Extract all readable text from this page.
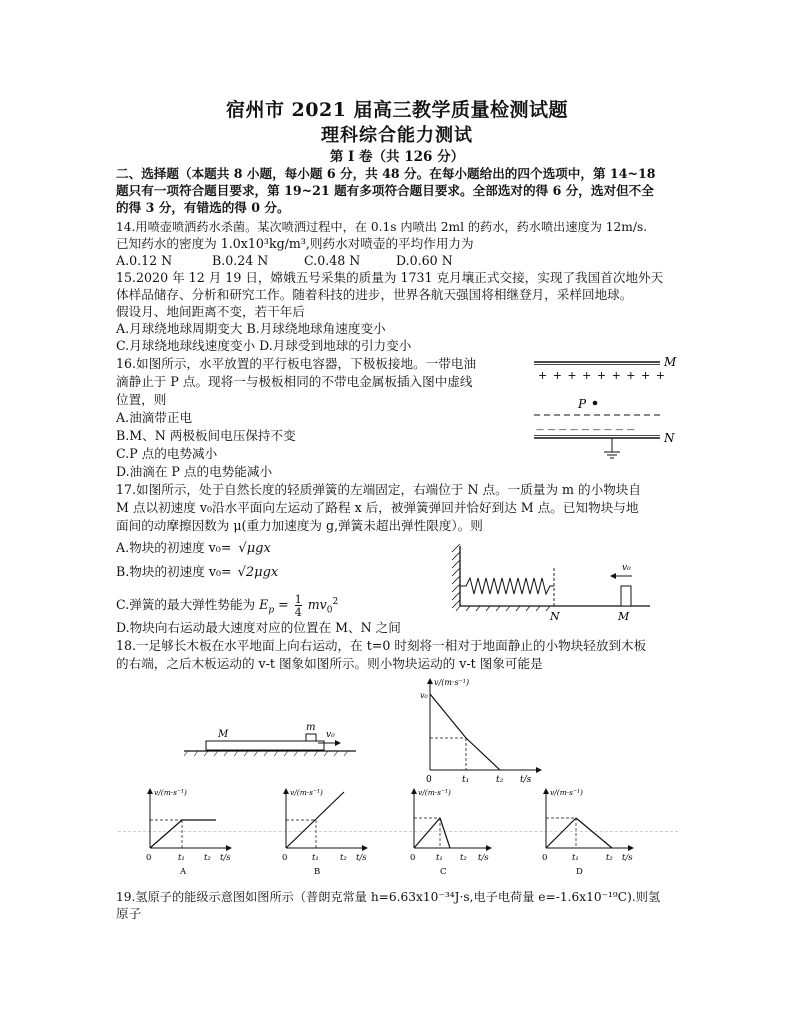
宿州市 2021 届高三教学质量检测试题
理科综合能力测试
第 I 卷（共 126 分）
二、选择题（本题共 8 小题，每小题 6 分，共 48 分。在每小题给出的四个选项中，第 14~18
题只有一项符合题目要求，第 19~21 题有多项符合题目要求。全部选对的得 6 分，选对但不全
的得 3 分，有错选的得 0 分。
14.用喷壶喷洒药水杀菌。某次喷洒过程中，在 0.1s 内喷出 2ml 的药水，药水喷出速度为 12m/s.
已知药水的密度为 1.0x10³kg/m³,则药水对喷壶的平均作用力为
A.0.12 N	B.0.24 N	C.0.48 N	D.0.60 N
15.2020 年 12 月 19 日，嫦娥五号采集的质量为 1731 克月壤正式交接，实现了我国首次地外天
体样品储存、分析和研究工作。随着科技的进步，世界各航天强国将相继登月，采样回地球。
假设月、地间距离不变，若干年后
A.月球绕地球周期变大 B.月球绕地球角速度变小
C.月球绕地球线速度变小 D.月球受到地球的引力变小
16.如图所示，水平放置的平行板电容器，下极板接地。一带电油
滴静止于 P 点。现将一与极板相同的不带电金属板插入图中虚线
位置，则
A.油滴带正电
B.M、N 两极板间电压保持不变
C.P 点的电势减小
D.油滴在 P 点的电势能减小
M
+ + + + + + + + +
P
— — — — — — — — —
N
17.如图所示，处于自然长度的轻质弹簧的左端固定，右端位于 N 点。一质量为 m 的小物块自
M 点以初速度 v₀沿水平面向左运动了路程 x 后，被弹簧弹回并恰好到达 M 点。已知物块与地
面间的动摩擦因数为 μ(重力加速度为 g,弹簧未超出弹性限度）。则
A.物块的初速度 v₀= √μgx
B.物块的初速度 v₀= √2μgx
C.弹簧的最大弹性势能为 $E_p = \frac{1}{4} mv_0^2$
D.物块向右运动最大速度对应的位置在 M、N 之间
N	M
v₀
18.一足够长木板在水平地面上向右运动，在 t=0 时刻将一相对于地面静止的小物块轻放到木板
的右端，之后木板运动的 v-t 图象如图所示。则小物块运动的 v-t 图象可能是
M
m
v₀
v/(m·s⁻¹)
v₀
0	t₁	t₂ t/s
v/(m·s⁻¹)
0	t₁ t₂ t/s
A
v/(m·s⁻¹)
0	t₁ t₂ t/s
B
v/(m·s⁻¹)
0 t₁ t₂ t/s
C
v/(m·s⁻¹)
0	t₁	t₂ t/s
D
19.氢原子的能级示意图如图所示（普朗克常量 h=6.63x10⁻³⁴J·s,电子电荷量 e=-1.6x10⁻¹⁹C).则氢
原子
